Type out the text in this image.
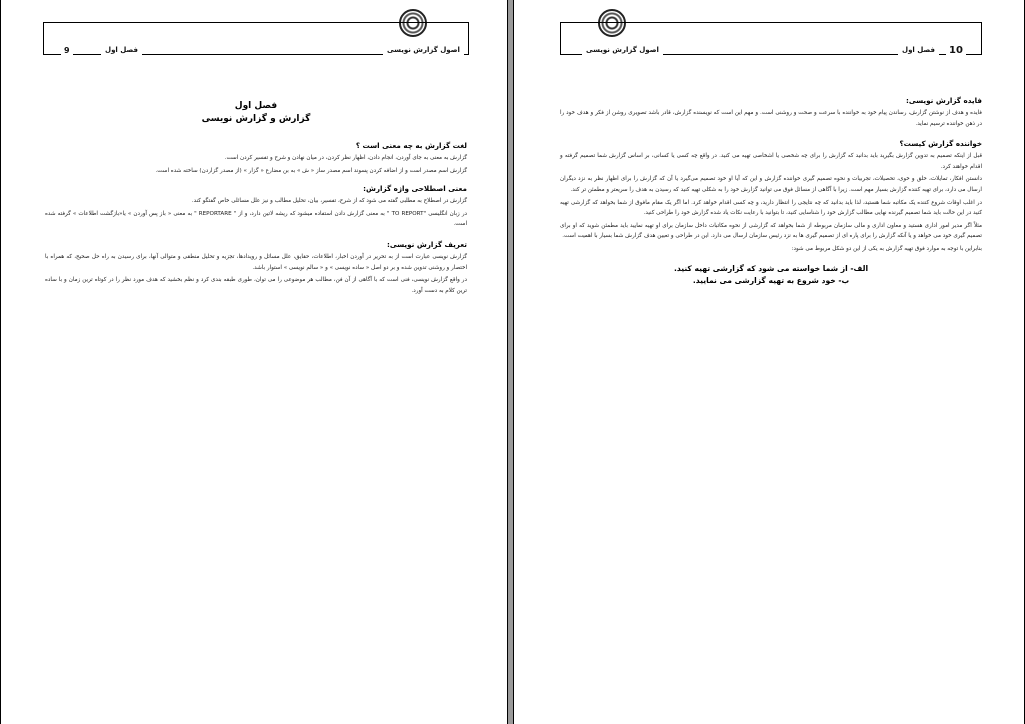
اصول گزارش نویسی
فصل اول
9
فصل اول
گزارش و گزارش نویسی
لغت گزارش به چه معنی است ؟
گزارش به معنی به جای آوردن، انجام دادن، اظهار نظر کردن، در میان نهادن و شرح و تفسیر کردن است.
گزارش اسم مصدر است و از اضافه کردن پسوند اسم مصدر ساز « ش » به بن مضارع « گزار » (از مصدر گزاردن) ساخته شده است.
معنی اصطلاحی واژه گزارش:
گزارش در اصطلاح به مطلبی گفته می شود که از شرح، تفسیر، بیان، تحلیل مطالب و نیز علل مسائلی خاص گفتگو کند.
در زبان انگلیسی "TO REPORT " به معنی گزارش دادن استفاده میشود که ریشه لاتین دارد، و از " REPORTARE " به معنی « باز پس آوردن » یا«بازگشت اطلاعات » گرفته شده است.
تعریف گزارش نویسی:
گزارش نویسی عبارت است از به تحریر در آوردن اخبار، اطلاعات، حقایق، علل مسائل و رویدادها، تجزیه و تحلیل منطقی و متوالی آنها، برای رسیدن به راه حل صحیح، که همراه با اختصار و روشنی تدوین شده و بر دو اصل « ساده نویسی » و « سالم نویسی » استوار باشد.
در واقع گزارش نویسی، فنی است که با آگاهی از آن فن، مطالب هر موضوعی را می توان، طوری طبقه بندی کرد و نظم بخشید که هدف مورد نظر را در کوتاه ترین زمان و با ساده ترین کلام به دست آورد.
اصول گزارش نویسی	فصل اول	10
فایده گزارش نویسی:
فایده و هدف از نوشتن گزارش، رساندن پیام خود به خواننده با سرعت و صحت و روشنی است. و مهم این است که نویسنده گزارش، قادر باشد تصویری روشن از فکر و هدف خود را در ذهن خواننده ترسیم نماید.
خواننده گزارش کیست؟
قبل از اینکه تصمیم به تدوین گزارش بگیرید باید بدانید که گزارش را برای چه شخصی یا اشخاصی تهیه می کنید. در واقع چه کسی یا کسانی، بر اساس گزارش شما تصمیم گرفته و اقدام خواهند کرد.
دانستن افکار، تمایلات، خلق و خوی، تحصیلات، تجربیات و نحوه تصمیم گیری خواننده گزارش و این که آیا او خود تصمیم می‌گیرد یا آن که گزارش را برای اظهار نظر به نزد دیگران ارسال می دارد، برای تهیه کننده گزارش بسیار مهم است. زیرا با آگاهی از مسائل فوق می توانید گزارش خود را به شکلی تهیه کنید که رسیدن به هدف را سریعتر و مطمئن تر کند.
در اغلب اوقات شروع کننده یک مکاتبه شما هستید، لذا باید بدانید که چه نتایجی را انتظار دارید، و چه کسی اقدام خواهد کرد. اما اگر یک مقام مافوق از شما بخواهد که گزارشی تهیه کنید در این حالت باید شما تصمیم گیرنده نهایی مطالب گزارش خود را شناسایی کنید، تا بتوانید با رعایت نکات یاد شده گزارش خود را طراحی کنید.
مثلاً اگر مدیر امور اداری هستید و معاون اداری و مالی سازمان مربوطه از شما بخواهد که گزارشی از نحوه مکاتبات داخل سازمان برای او تهیه نمایید باید مطمئن شوید که او برای تصمیم گیری خود می خواهد و یا آنکه گزارش را برای پاره ای از تصمیم گیری ها به نزد رئیس سازمان ارسال می دارد. این در طراحی و تعیین هدف گزارش شما بسیار با اهمیت است.
بنابراین با توجه به موارد فوق تهیه گزارش به یکی از این دو شکل مربوط می شود:
الف- از شما خواسته می شود که گزارشی تهیه کنید.
ب- خود شروع به تهیه گزارشی می نمایید.
